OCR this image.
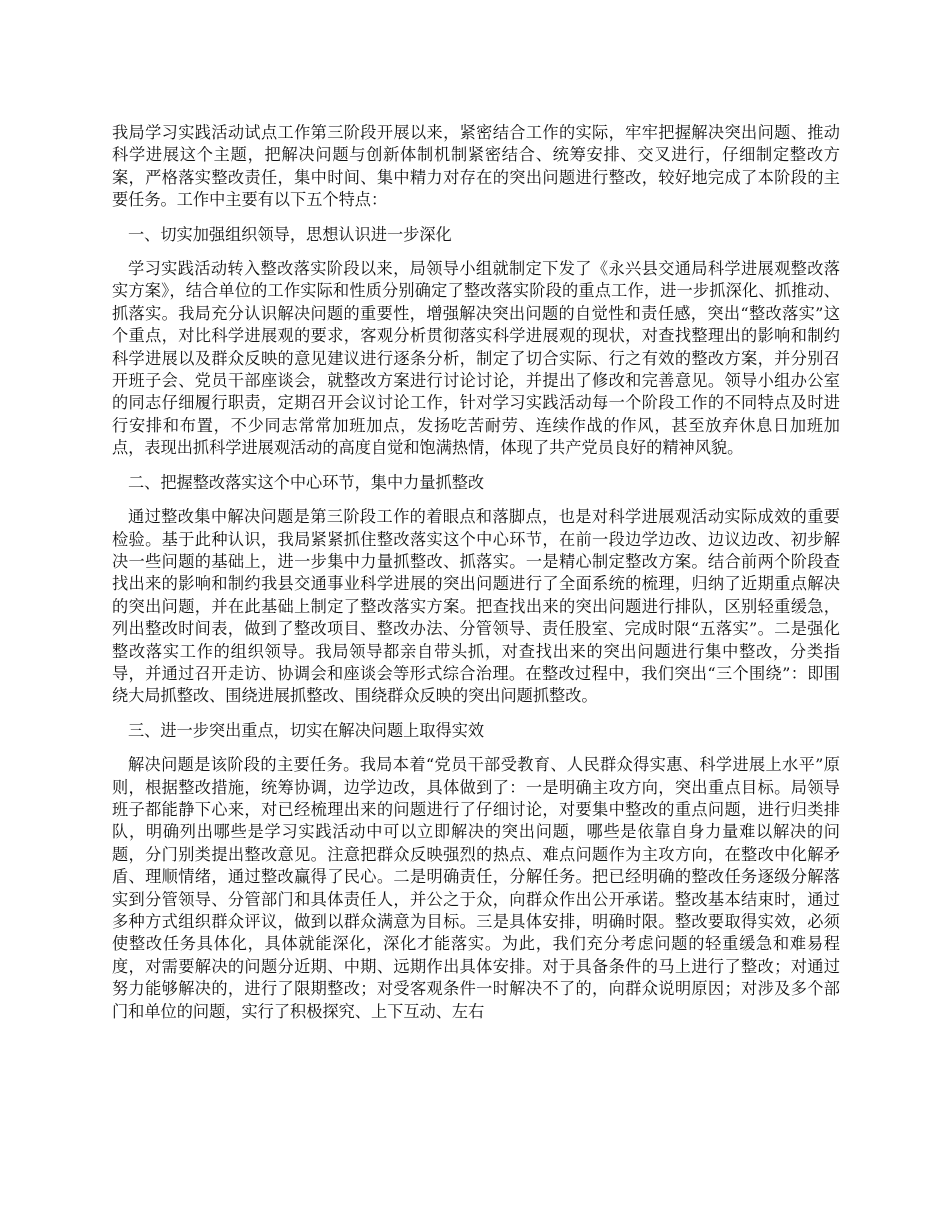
我局学习实践活动试点工作第三阶段开展以来，紧密结合工作的实际，牢牢把握解决突出问题、推动科学进展这个主题，把解决问题与创新体制机制紧密结合、统筹安排、交叉进行，仔细制定整改方案，严格落实整改责任，集中时间、集中精力对存在的突出问题进行整改，较好地完成了本阶段的主要任务。工作中主要有以下五个特点：

一、切实加强组织领导，思想认识进一步深化

学习实践活动转入整改落实阶段以来，局领导小组就制定下发了《永兴县交通局科学进展观整改落实方案》，结合单位的工作实际和性质分别确定了整改落实阶段的重点工作，进一步抓深化、抓推动、抓落实。我局充分认识解决问题的重要性，增强解决突出问题的自觉性和责任感，突出“整改落实”这个重点，对比科学进展观的要求，客观分析贯彻落实科学进展观的现状，对查找整理出的影响和制约科学进展以及群众反映的意见建议进行逐条分析，制定了切合实际、行之有效的整改方案，并分别召开班子会、党员干部座谈会，就整改方案进行讨论讨论，并提出了修改和完善意见。领导小组办公室的同志仔细履行职责，定期召开会议讨论工作，针对学习实践活动每一个阶段工作的不同特点及时进行安排和布置，不少同志常常加班加点，发扬吃苦耐劳、连续作战的作风，甚至放弃休息日加班加点，表现出抓科学进展观活动的高度自觉和饱满热情，体现了共产党员良好的精神风貌。

二、把握整改落实这个中心环节，集中力量抓整改

通过整改集中解决问题是第三阶段工作的着眼点和落脚点，也是对科学进展观活动实际成效的重要检验。基于此种认识，我局紧紧抓住整改落实这个中心环节，在前一段边学边改、边议边改、初步解决一些问题的基础上，进一步集中力量抓整改、抓落实。一是精心制定整改方案。结合前两个阶段查找出来的影响和制约我县交通事业科学进展的突出问题进行了全面系统的梳理，归纳了近期重点解决的突出问题，并在此基础上制定了整改落实方案。把查找出来的突出问题进行排队，区别轻重缓急，列出整改时间表，做到了整改项目、整改办法、分管领导、责任股室、完成时限“五落实”。二是强化整改落实工作的组织领导。我局领导都亲自带头抓，对查找出来的突出问题进行集中整改，分类指导，并通过召开走访、协调会和座谈会等形式综合治理。在整改过程中，我们突出“三个围绕”：即围绕大局抓整改、围绕进展抓整改、围绕群众反映的突出问题抓整改。

三、进一步突出重点，切实在解决问题上取得实效

解决问题是该阶段的主要任务。我局本着“党员干部受教育、人民群众得实惠、科学进展上水平”原则，根据整改措施，统筹协调，边学边改，具体做到了：一是明确主攻方向，突出重点目标。局领导班子都能静下心来，对已经梳理出来的问题进行了仔细讨论，对要集中整改的重点问题，进行归类排队，明确列出哪些是学习实践活动中可以立即解决的突出问题，哪些是依靠自身力量难以解决的问题，分门别类提出整改意见。注意把群众反映强烈的热点、难点问题作为主攻方向，在整改中化解矛盾、理顺情绪，通过整改赢得了民心。二是明确责任，分解任务。把已经明确的整改任务逐级分解落实到分管领导、分管部门和具体责任人，并公之于众，向群众作出公开承诺。整改基本结束时，通过多种方式组织群众评议，做到以群众满意为目标。三是具体安排，明确时限。整改要取得实效，必须使整改任务具体化，具体就能深化，深化才能落实。为此，我们充分考虑问题的轻重缓急和难易程度，对需要解决的问题分近期、中期、远期作出具体安排。对于具备条件的马上进行了整改；对通过努力能够解决的，进行了限期整改；对受客观条件一时解决不了的，向群众说明原因；对涉及多个部门和单位的问题，实行了积极探究、上下互动、左右
